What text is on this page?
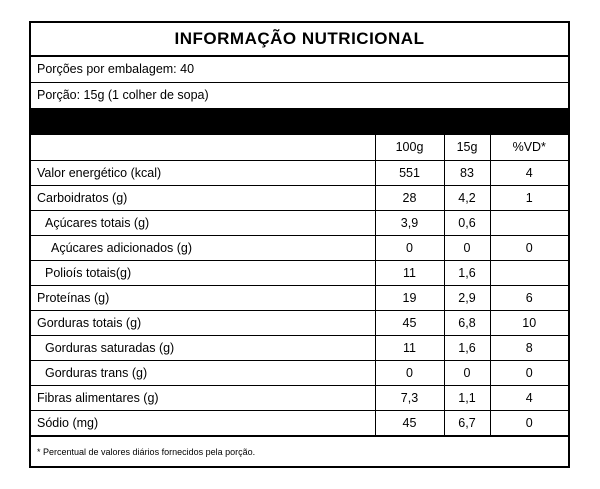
INFORMAÇÃO NUTRICIONAL
Porções por embalagem: 40
Porção: 15g (1 colher de sopa)
	100g	15g	%VD*
Valor energético (kcal)	551	83	4
Carboidratos (g)	28	4,2	1
Açúcares totais (g)	3,9	0,6	
Açúcares adicionados (g)	0	0	0
Polioís totais(g)	11	1,6	
Proteínas (g)	19	2,9	6
Gorduras totais (g)	45	6,8	10
Gorduras saturadas (g)	11	1,6	8
Gorduras trans (g)	0	0	0
Fibras alimentares (g)	7,3	1,1	4
Sódio (mg)	45	6,7	0
* Percentual de valores diários fornecidos pela porção.
